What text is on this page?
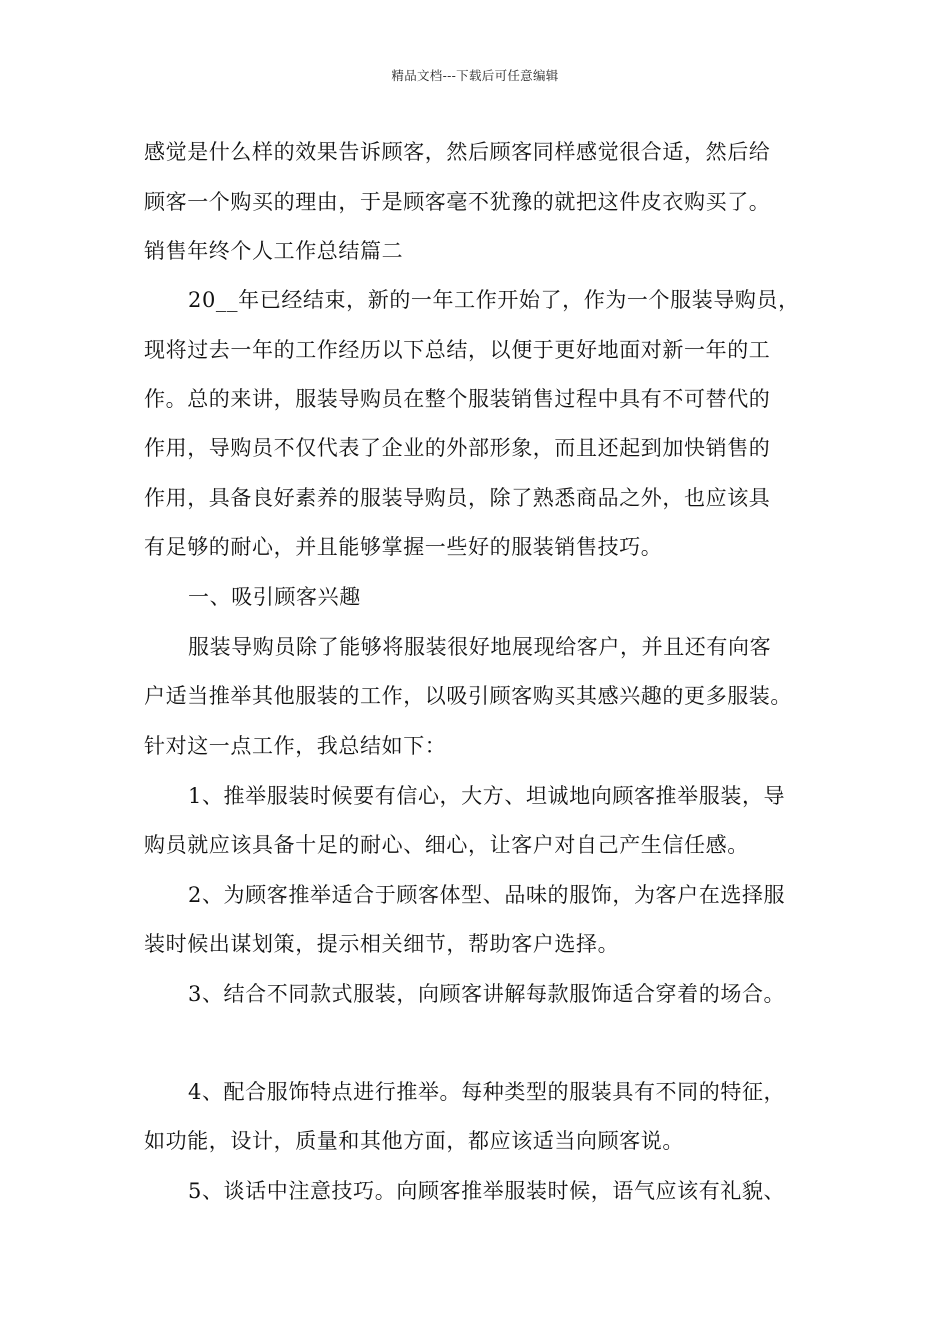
精品文档---下载后可任意编辑
感觉是什么样的效果告诉顾客，然后顾客同样感觉很合适，然后给
顾客一个购买的理由，于是顾客毫不犹豫的就把这件皮衣购买了。
销售年终个人工作总结篇二
20__年已经结束，新的一年工作开始了，作为一个服装导购员，
现将过去一年的工作经历以下总结，以便于更好地面对新一年的工
作。总的来讲，服装导购员在整个服装销售过程中具有不可替代的
作用，导购员不仅代表了企业的外部形象，而且还起到加快销售的
作用，具备良好素养的服装导购员，除了熟悉商品之外，也应该具
有足够的耐心，并且能够掌握一些好的服装销售技巧。
一、吸引顾客兴趣
服装导购员除了能够将服装很好地展现给客户，并且还有向客
户适当推举其他服装的工作，以吸引顾客购买其感兴趣的更多服装。
针对这一点工作，我总结如下：
1、推举服装时候要有信心，大方、坦诚地向顾客推举服装，导
购员就应该具备十足的耐心、细心，让客户对自己产生信任感。
2、为顾客推举适合于顾客体型、品味的服饰，为客户在选择服
装时候出谋划策，提示相关细节，帮助客户选择。
3、结合不同款式服装，向顾客讲解每款服饰适合穿着的场合。
4、配合服饰特点进行推举。每种类型的服装具有不同的特征，
如功能，设计，质量和其他方面，都应该适当向顾客说。
5、谈话中注意技巧。向顾客推举服装时候，语气应该有礼貌、
